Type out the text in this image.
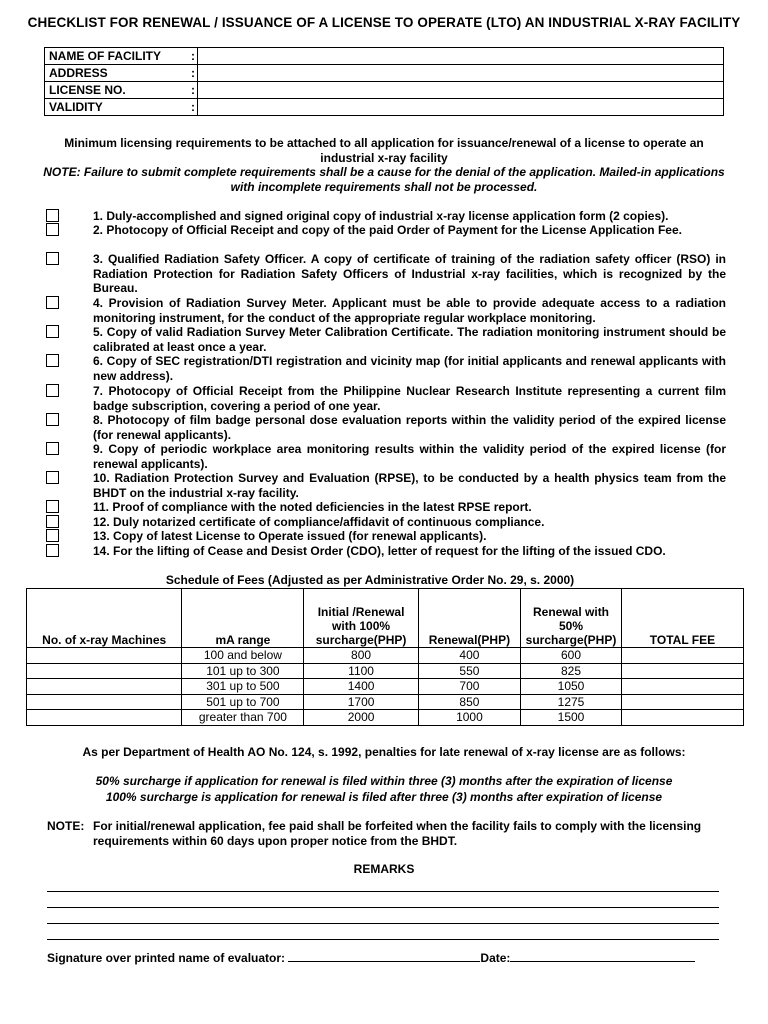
CHECKLIST FOR RENEWAL / ISSUANCE OF A LICENSE TO OPERATE (LTO) AN INDUSTRIAL X-RAY FACILITY
NAME OF FACILITY	:	
ADDRESS	:	
LICENSE NO.	:	
VALIDITY	:	
Minimum licensing requirements to be attached to all application for issuance/renewal of a license to operate an industrial x-ray facility
NOTE: Failure to submit complete requirements shall be a cause for the denial of the application. Mailed-in applications with incomplete requirements shall not be processed.
1. Duly-accomplished and signed original copy of industrial x-ray license application form (2 copies).
2. Photocopy of Official Receipt and copy of the paid Order of Payment for the License Application Fee.
3. Qualified Radiation Safety Officer. A copy of certificate of training of the radiation safety officer (RSO) in Radiation Protection for Radiation Safety Officers of Industrial x-ray facilities, which is recognized by the Bureau.
4. Provision of Radiation Survey Meter. Applicant must be able to provide adequate access to a radiation monitoring instrument, for the conduct of the appropriate regular workplace monitoring.
5. Copy of valid Radiation Survey Meter Calibration Certificate. The radiation monitoring instrument should be calibrated at least once a year.
6. Copy of SEC registration/DTI registration and vicinity map (for initial applicants and renewal applicants with new address).
7. Photocopy of Official Receipt from the Philippine Nuclear Research Institute representing a current film badge subscription, covering a period of one year.
8. Photocopy of film badge personal dose evaluation reports within the validity period of the expired license (for renewal applicants).
9. Copy of periodic workplace area monitoring results within the validity period of the expired license (for renewal applicants).
10. Radiation Protection Survey and Evaluation (RPSE), to be conducted by a health physics team from the BHDT on the industrial x-ray facility.
11. Proof of compliance with the noted deficiencies in the latest RPSE report.
12. Duly notarized certificate of compliance/affidavit of continuous compliance.
13. Copy of latest License to Operate issued (for renewal applicants).
14. For the lifting of Cease and Desist Order (CDO), letter of request for the lifting of the issued CDO.
Schedule of Fees (Adjusted as per Administrative Order No. 29, s. 2000)
No. of x-ray Machines	mA range	Initial /Renewal with 100% surcharge(PHP)	Renewal(PHP)	Renewal with 50% surcharge(PHP)	TOTAL FEE
	100 and below	800	400	600	
	101 up to 300	1100	550	825	
	301 up to 500	1400	700	1050	
	501 up to 700	1700	850	1275	
	greater than 700	2000	1000	1500	
As per Department of Health AO No. 124, s. 1992, penalties for late renewal of x-ray license are as follows:
50% surcharge if application for renewal is filed within three (3) months after the expiration of license
100% surcharge is application for renewal is filed after three (3) months after expiration of license
NOTE: For initial/renewal application, fee paid shall be forfeited when the facility fails to comply with the licensing requirements within 60 days upon proper notice from the BHDT.
REMARKS
Signature over printed name of evaluator:	Date:
